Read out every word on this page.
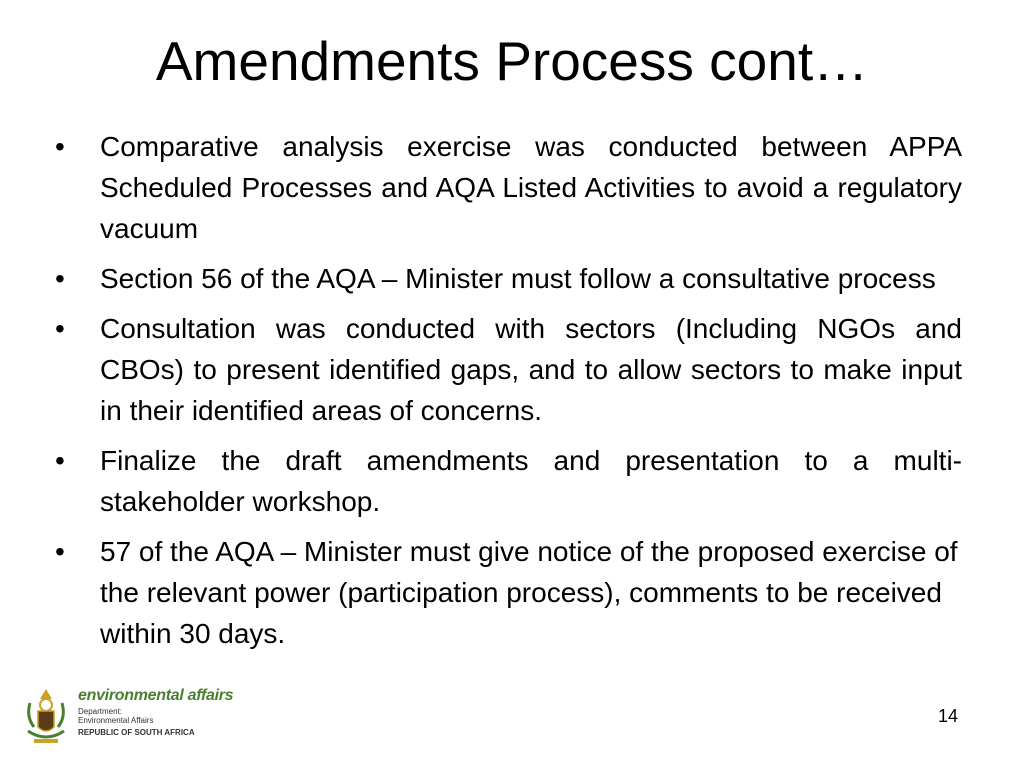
Amendments Process cont…
• Comparative analysis exercise was conducted between APPA Scheduled Processes and AQA Listed Activities to avoid a regulatory vacuum
• Section 56 of the AQA – Minister must follow a consultative process
• Consultation was conducted with sectors (Including NGOs and CBOs) to present identified gaps, and to allow sectors to make input in their identified areas of concerns.
• Finalize the draft amendments and presentation to a multi-stakeholder workshop.
• 57 of the AQA – Minister must give notice of the proposed exercise of the relevant power (participation process), comments to be received within 30 days.
environmental affairs
Department:
Environmental Affairs
REPUBLIC OF SOUTH AFRICA
14
